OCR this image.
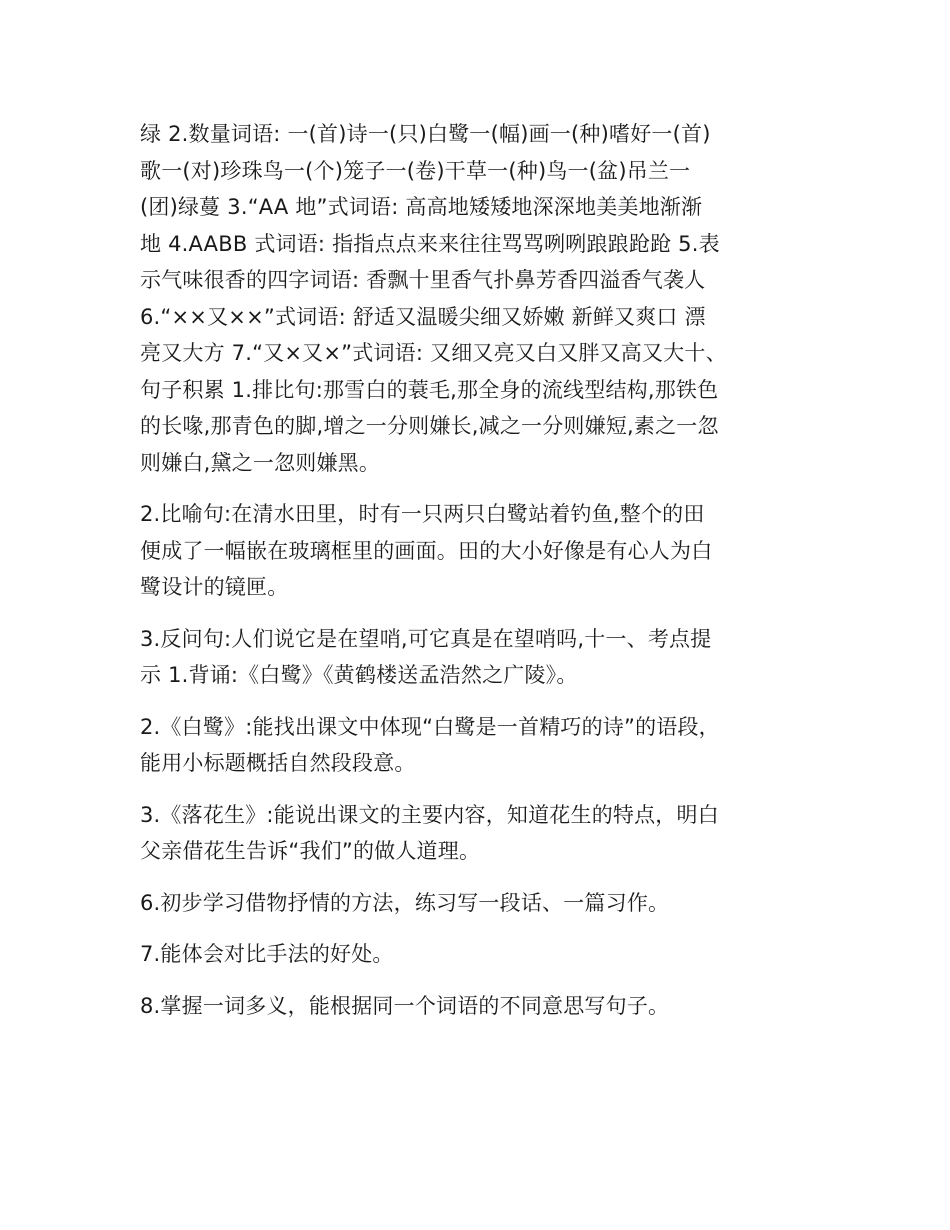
绿 2.数量词语: 一(首)诗一(只)白鹭一(幅)画一(种)嗜好一(首)
歌一(对)珍珠鸟一(个)笼子一(卷)干草一(种)鸟一(盆)吊兰一
(团)绿蔓 3.“AA 地”式词语: 高高地矮矮地深深地美美地渐渐
地 4.AABB 式词语: 指指点点来来往往骂骂咧咧踉踉跄跄 5.表
示气味很香的四字词语: 香飘十里香气扑鼻芳香四溢香气袭人
6.“××又××”式词语: 舒适又温暖尖细又娇嫩 新鲜又爽口 漂
亮又大方 7.“又×又×”式词语: 又细又亮又白又胖又高又大十、
句子积累 1.排比句:那雪白的蓑毛,那全身的流线型结构,那铁色
的长喙,那青色的脚,增之一分则嫌长,减之一分则嫌短,素之一忽
则嫌白,黛之一忽则嫌黑。

2.比喻句:在清水田里，时有一只两只白鹭站着钓鱼,整个的田
便成了一幅嵌在玻璃框里的画面。田的大小好像是有心人为白
鹭设计的镜匣。

3.反问句:人们说它是在望哨,可它真是在望哨吗,十一、考点提
示 1.背诵:《白鹭》《黄鹤楼送孟浩然之广陵》。

2.《白鹭》:能找出课文中体现“白鹭是一首精巧的诗”的语段，
能用小标题概括自然段段意。

3.《落花生》:能说出课文的主要内容，知道花生的特点，明白
父亲借花生告诉“我们”的做人道理。

6.初步学习借物抒情的方法，练习写一段话、一篇习作。

7.能体会对比手法的好处。

8.掌握一词多义，能根据同一个词语的不同意思写句子。
